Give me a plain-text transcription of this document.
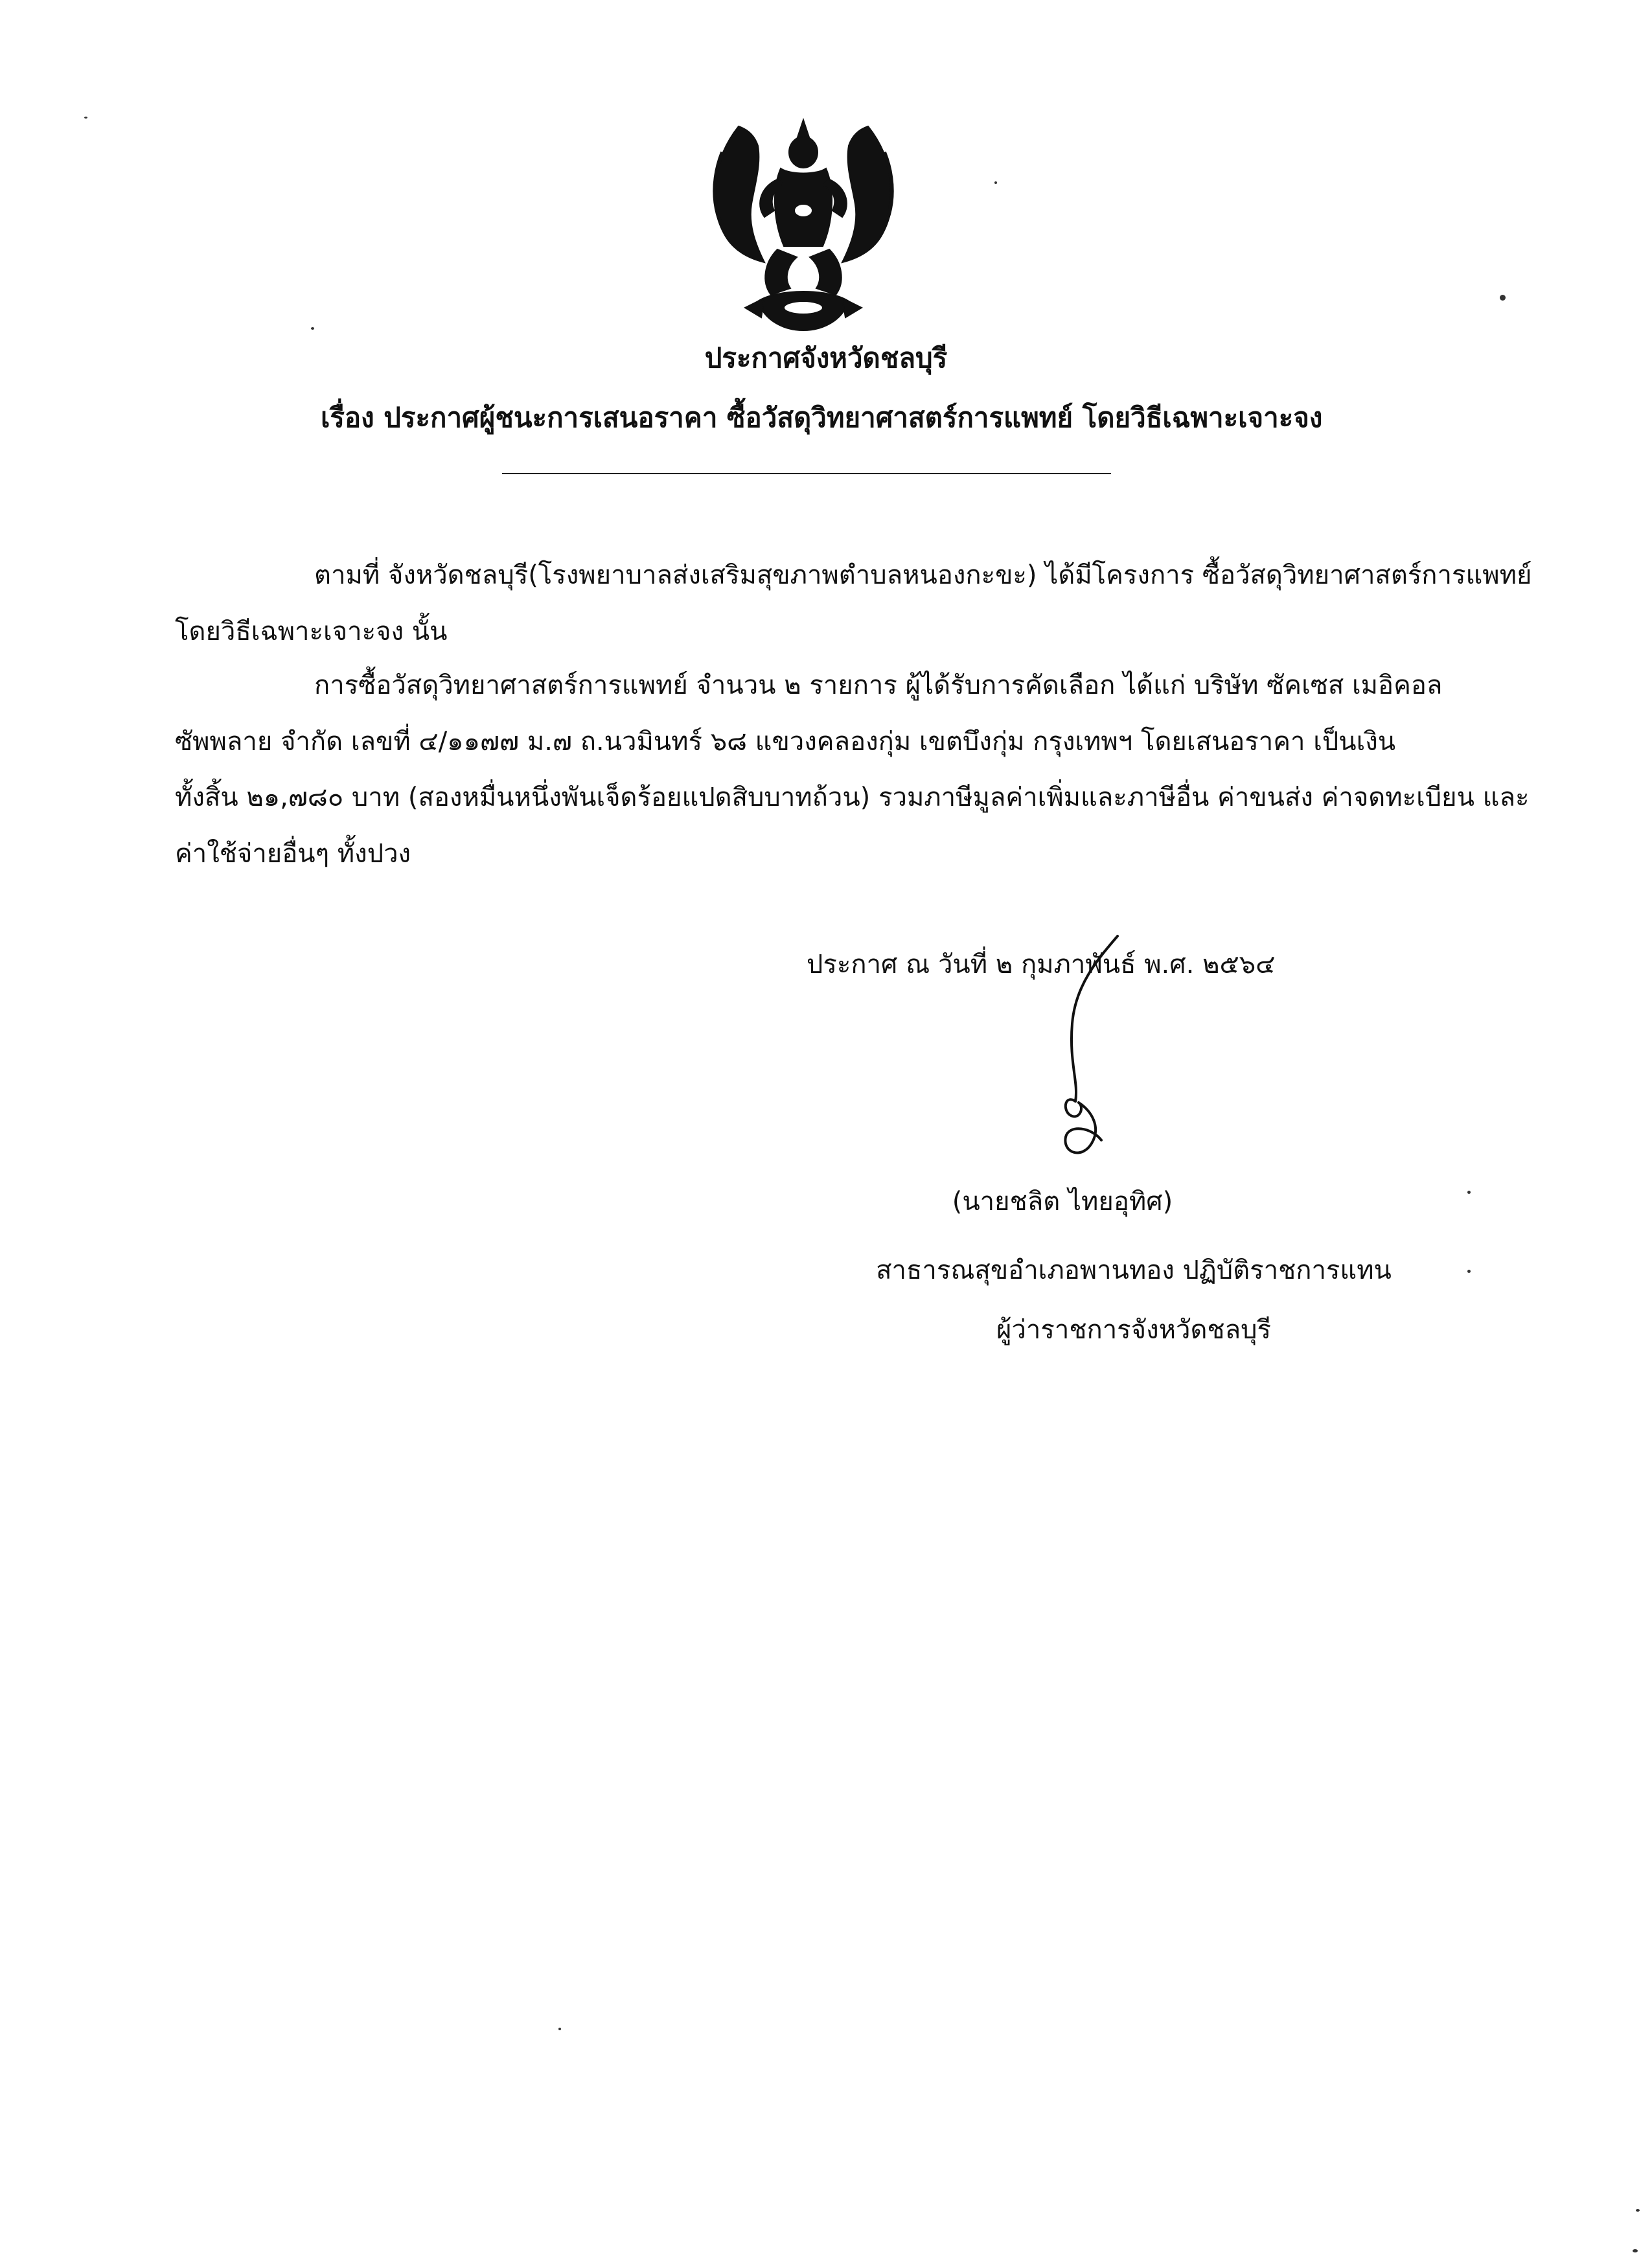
ประกาศจังหวัดชลบุรี
เรื่อง ประกาศผู้ชนะการเสนอราคา ซื้อวัสดุวิทยาศาสตร์การแพทย์ โดยวิธีเฉพาะเจาะจง
ตามที่ จังหวัดชลบุรี(โรงพยาบาลส่งเสริมสุขภาพตำบลหนองกะขะ) ได้มีโครงการ ซื้อวัสดุวิทยาศาสตร์การแพทย์
โดยวิธีเฉพาะเจาะจง นั้น
การซื้อวัสดุวิทยาศาสตร์การแพทย์ จำนวน ๒ รายการ ผู้ได้รับการคัดเลือก ได้แก่ บริษัท ซัคเซส เมอิคอล
ซัพพลาย จำกัด เลขที่ ๔/๑๑๗๗ ม.๗ ถ.นวมินทร์ ๖๘ แขวงคลองกุ่ม เขตบึงกุ่ม กรุงเทพฯ โดยเสนอราคา เป็นเงิน
ทั้งสิ้น ๒๑,๗๘๐ บาท (สองหมื่นหนึ่งพันเจ็ดร้อยแปดสิบบาทถ้วน) รวมภาษีมูลค่าเพิ่มและภาษีอื่น ค่าขนส่ง ค่าจดทะเบียน และ
ค่าใช้จ่ายอื่นๆ ทั้งปวง
ประกาศ ณ วันที่ ๒ กุมภาพันธ์ พ.ศ. ๒๕๖๔
(นายชลิต ไทยอุทิศ)
สาธารณสุขอำเภอพานทอง ปฏิบัติราชการแทน
ผู้ว่าราชการจังหวัดชลบุรี
